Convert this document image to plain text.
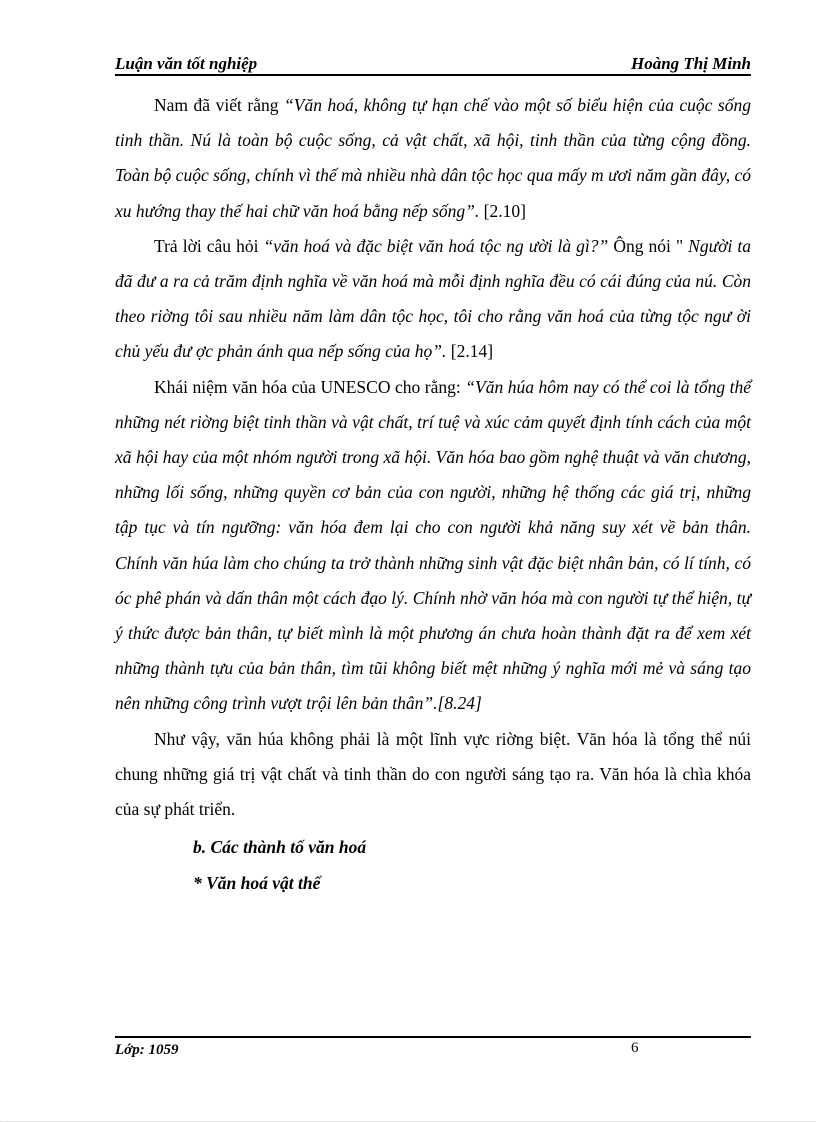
Luận văn tốt nghiệp	Hoàng Thị Minh

Nam đã viết rằng “Văn hoá, không tự hạn chế vào một số biểu hiện của cuộc sống tinh thần. Nú là toàn bộ cuộc sống, cả vật chất, xã hội, tinh thần của từng cộng đồng. Toàn bộ cuộc sống, chính vì thế mà nhiều nhà dân tộc học qua mấy m ươi năm gần đây, có xu hướng thay thế hai chữ văn hoá bằng nếp sống”. [2.10]

Trả lời câu hỏi “văn hoá và đặc biệt văn hoá tộc ng ười là gì?” Ông nói " Người ta đã đư a ra cả trăm định nghĩa về văn hoá mà mỗi định nghĩa đều có cái đúng của nú. Còn theo riờng tôi sau nhiều năm làm dân tộc học, tôi cho rằng văn hoá của từng tộc ngư ời chủ yếu đư ợc phản ánh qua nếp sống của họ”. [2.14]

Khái niệm văn hóa của UNESCO cho rằng: “Văn húa hôm nay có thể coi là tổng thể những nét riờng biệt tinh thần và vật chất, trí tuệ và xúc cảm quyết định tính cách của một xã hội hay của một nhóm người trong xã hội. Văn hóa bao gồm nghệ thuật và văn chương, những lối sống, những quyền cơ bản của con người, những hệ thống các giá trị, những tập tục và tín ngưỡng: văn hóa đem lại cho con người khả năng suy xét về bản thân. Chính văn húa làm cho chúng ta trở thành những sinh vật đặc biệt nhân bản, có lí tính, có óc phê phán và dấn thân một cách đạo lý. Chính nhờ văn hóa mà con người tự thể hiện, tự ý thức được bản thân, tự biết mình là một phương án chưa hoàn thành đặt ra để xem xét những thành tựu của bản thân, tìm tũi không biết mệt những ý nghĩa mới mẻ và sáng tạo nên những công trình vượt trội lên bản thân”.[8.24]

Như vậy, văn húa không phải là một lĩnh vực riờng biệt. Văn hóa là tổng thể núi chung những giá trị vật chất và tinh thần do con người sáng tạo ra. Văn hóa là chìa khóa của sự phát triển.

b. Các thành tố văn hoá

* Văn hoá vật thể

Lớp: 1059	6
